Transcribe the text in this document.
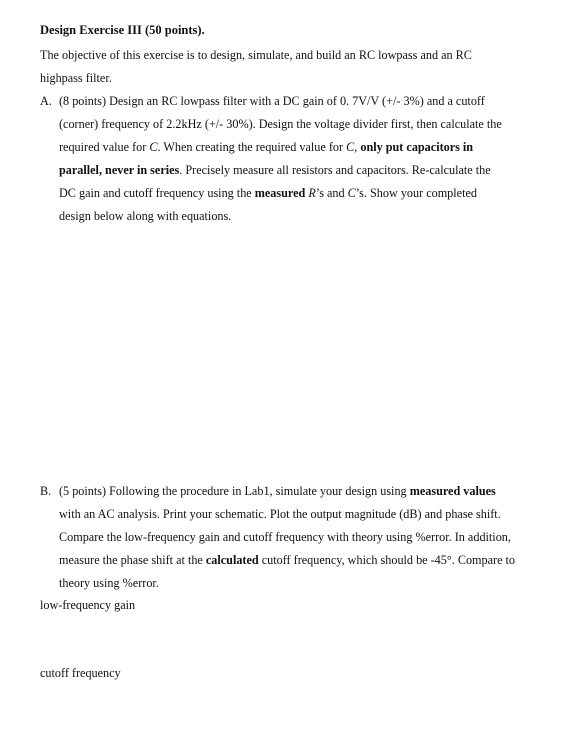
Design Exercise III (50 points).
The objective of this exercise is to design, simulate, and build an RC lowpass and an RC
highpass filter.
A. (8 points) Design an RC lowpass filter with a DC gain of 0. 7V/V (+/- 3%) and a cutoff
(corner) frequency of 2.2kHz (+/- 30%). Design the voltage divider first, then calculate the
required value for C. When creating the required value for C, only put capacitors in
parallel, never in series. Precisely measure all resistors and capacitors. Re-calculate the
DC gain and cutoff frequency using the measured R’s and C’s. Show your completed
design below along with equations.
B. (5 points) Following the procedure in Lab1, simulate your design using measured values
with an AC analysis. Print your schematic. Plot the output magnitude (dB) and phase shift.
Compare the low-frequency gain and cutoff frequency with theory using %error. In addition,
measure the phase shift at the calculated cutoff frequency, which should be -45°. Compare to
theory using %error.
low-frequency gain
cutoff frequency
